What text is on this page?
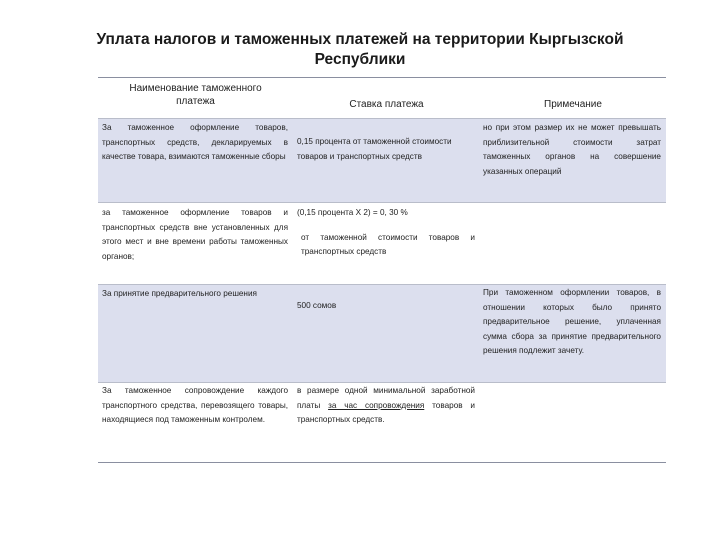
Уплата налогов и таможенных платежей на территории Кыргызской
Республики
Наименование таможенного
платежа	Ставка платежа	Примечание
За таможенное оформление товаров, транспортных средств, декларируемых в качестве товара, взимаются таможенные сборы
0,15 процента от таможенной стоимости товаров и транспортных средств
но при этом размер их не может превышать приблизительной стоимости затрат таможенных органов на совершение указанных операций
за таможенное оформление товаров и транспортных средств вне установленных для этого мест и вне времени работы таможенных органов;
(0,15 процента Х 2) = 0, 30 %
от таможенной стоимости товаров и транспортных средств
За принятие предварительного решения
500 сомов
При таможенном оформлении товаров, в отношении которых было принято предварительное решение, уплаченная сумма сбора за принятие предварительного решения подлежит зачету.
За таможенное сопровождение каждого транспортного средства, перевозящего товары, находящиеся под таможенным контролем.
в размере одной минимальной заработной платы за час сопровождения товаров и транспортных средств.
